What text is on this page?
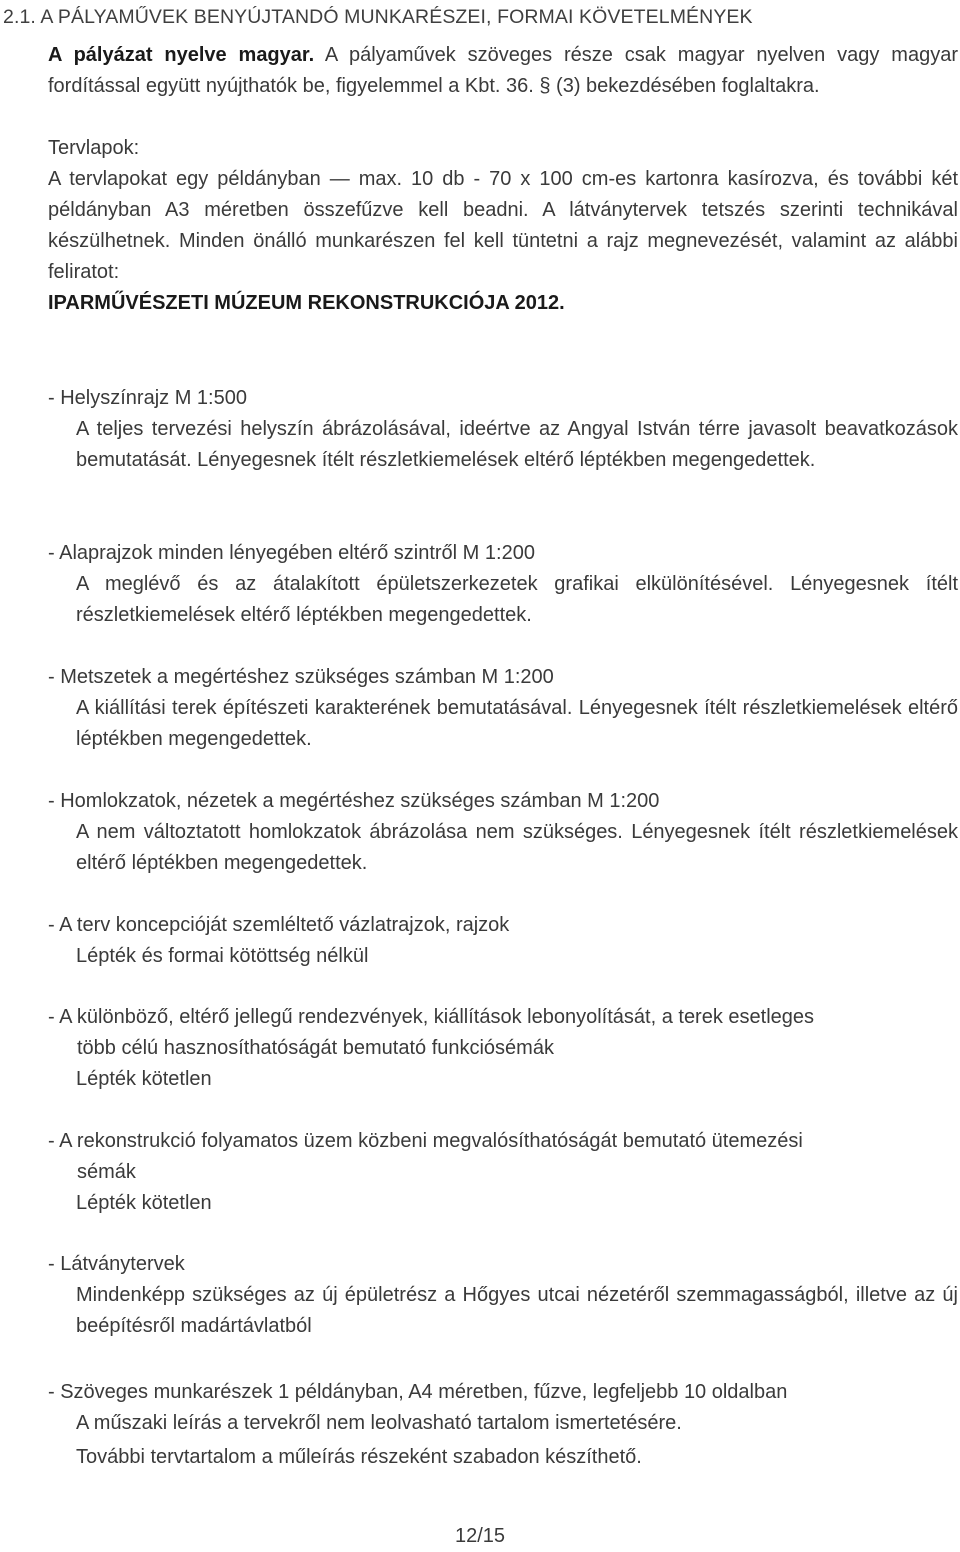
2.1. A PÁLYAMŰVEK BENYÚJTANDÓ MUNKARÉSZEI, FORMAI KÖVETELMÉNYEK

A pályázat nyelve magyar. A pályaművek szöveges része csak magyar nyelven vagy magyar fordítással együtt nyújthatók be, figyelemmel a Kbt. 36. § (3) bekezdésében foglaltakra.

Tervlapok:

A tervlapokat egy példányban — max. 10 db - 70 x 100 cm-es kartonra kasírozva, és további két példányban A3 méretben összefűzve kell beadni. A látványtervek tetszés szerinti technikával készülhetnek. Minden önálló munkarészen fel kell tüntetni a rajz megnevezését, valamint az alábbi feliratot:

IPARMŰVÉSZETI MÚZEUM REKONSTRUKCIÓJA 2012.

- Helyszínrajz M 1:500

A teljes tervezési helyszín ábrázolásával, ideértve az Angyal István térre javasolt beavatkozások bemutatását. Lényegesnek ítélt részletkiemelések eltérő léptékben megengedettek.

- Alaprajzok minden lényegében eltérő szintről M 1:200

A meglévő és az átalakított épületszerkezetek grafikai elkülönítésével. Lényegesnek ítélt részletkiemelések eltérő léptékben megengedettek.

- Metszetek a megértéshez szükséges számban M 1:200

A kiállítási terek építészeti karakterének bemutatásával. Lényegesnek ítélt részletkiemelések eltérő léptékben megengedettek.

- Homlokzatok, nézetek a megértéshez szükséges számban M 1:200

A nem változtatott homlokzatok ábrázolása nem szükséges. Lényegesnek ítélt részletkiemelések eltérő léptékben megengedettek.

- A terv koncepcióját szemléltető vázlatrajzok, rajzok

Lépték és formai kötöttség nélkül

- A különböző, eltérő jellegű rendezvények, kiállítások lebonyolítását, a terek esetleges

több célú hasznosíthatóságát bemutató funkciósémák

Lépték kötetlen

- A rekonstrukció folyamatos üzem közbeni megvalósíthatóságát bemutató ütemezési

sémák

Lépték kötetlen

- Látványtervek

Mindenképp szükséges az új épületrész a Hőgyes utcai nézetéről szemmagasságból, illetve az új beépítésről madártávlatból

- Szöveges munkarészek 1 példányban, A4 méretben, fűzve, legfeljebb 10 oldalban

A műszaki leírás a tervekről nem leolvasható tartalom ismertetésére.

További tervtartalom a műleírás részeként szabadon készíthető.

12/15
